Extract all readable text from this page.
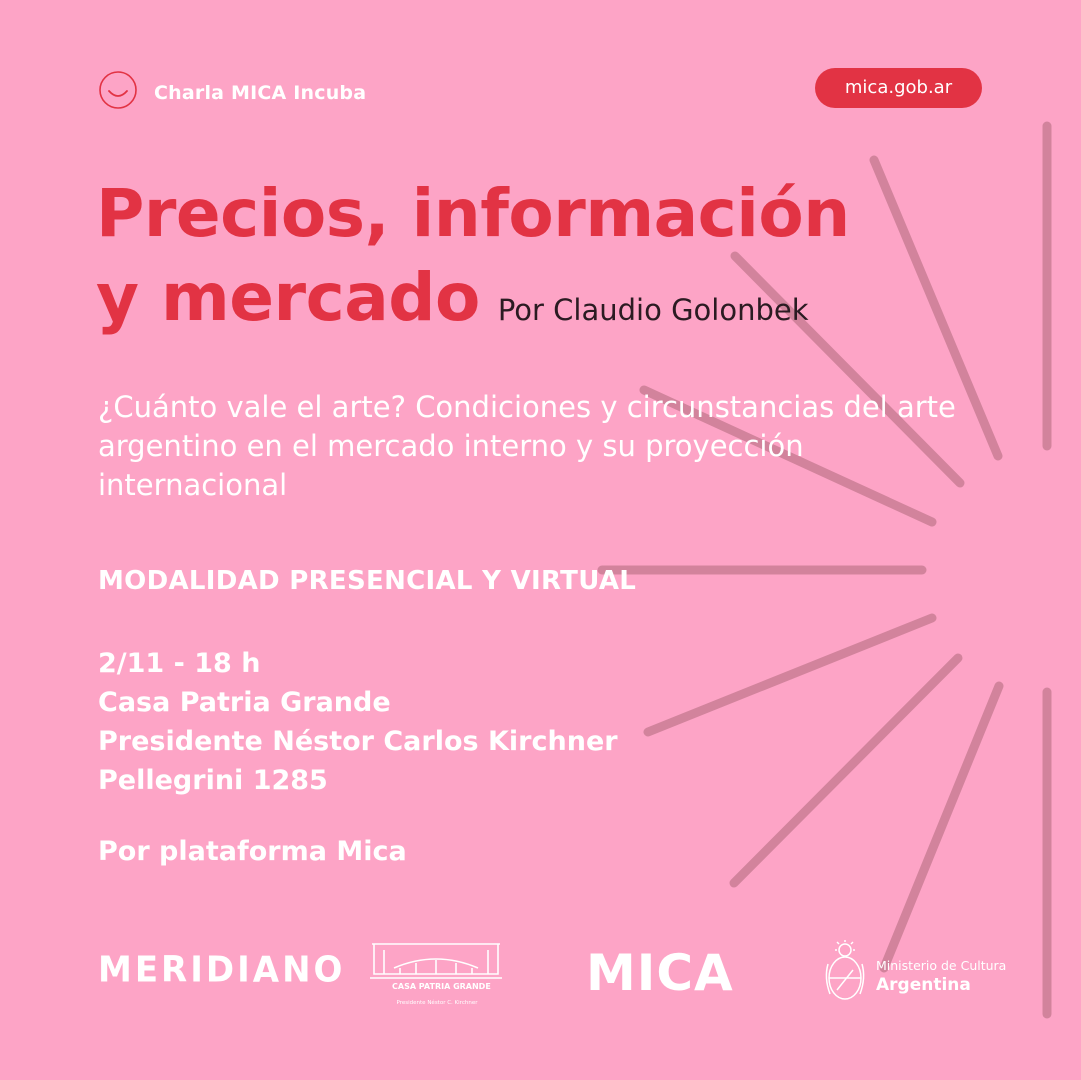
Charla MICA Incuba	mica.gob.ar
Precios, información
y mercado Por Claudio Golonbek

¿Cuánto vale el arte? Condiciones y circunstancias del arte argentino en el mercado interno y su proyección internacional

MODALIDAD PRESENCIAL Y VIRTUAL

2/11 - 18 h
Casa Patria Grande
Presidente Néstor Carlos Kirchner
Pellegrini 1285

Por plataforma Mica

MERIDIANO	CASA PATRIA GRANDE
Presidente Néstor C. Kirchner
MICA	Ministerio de Cultura
Argentina
